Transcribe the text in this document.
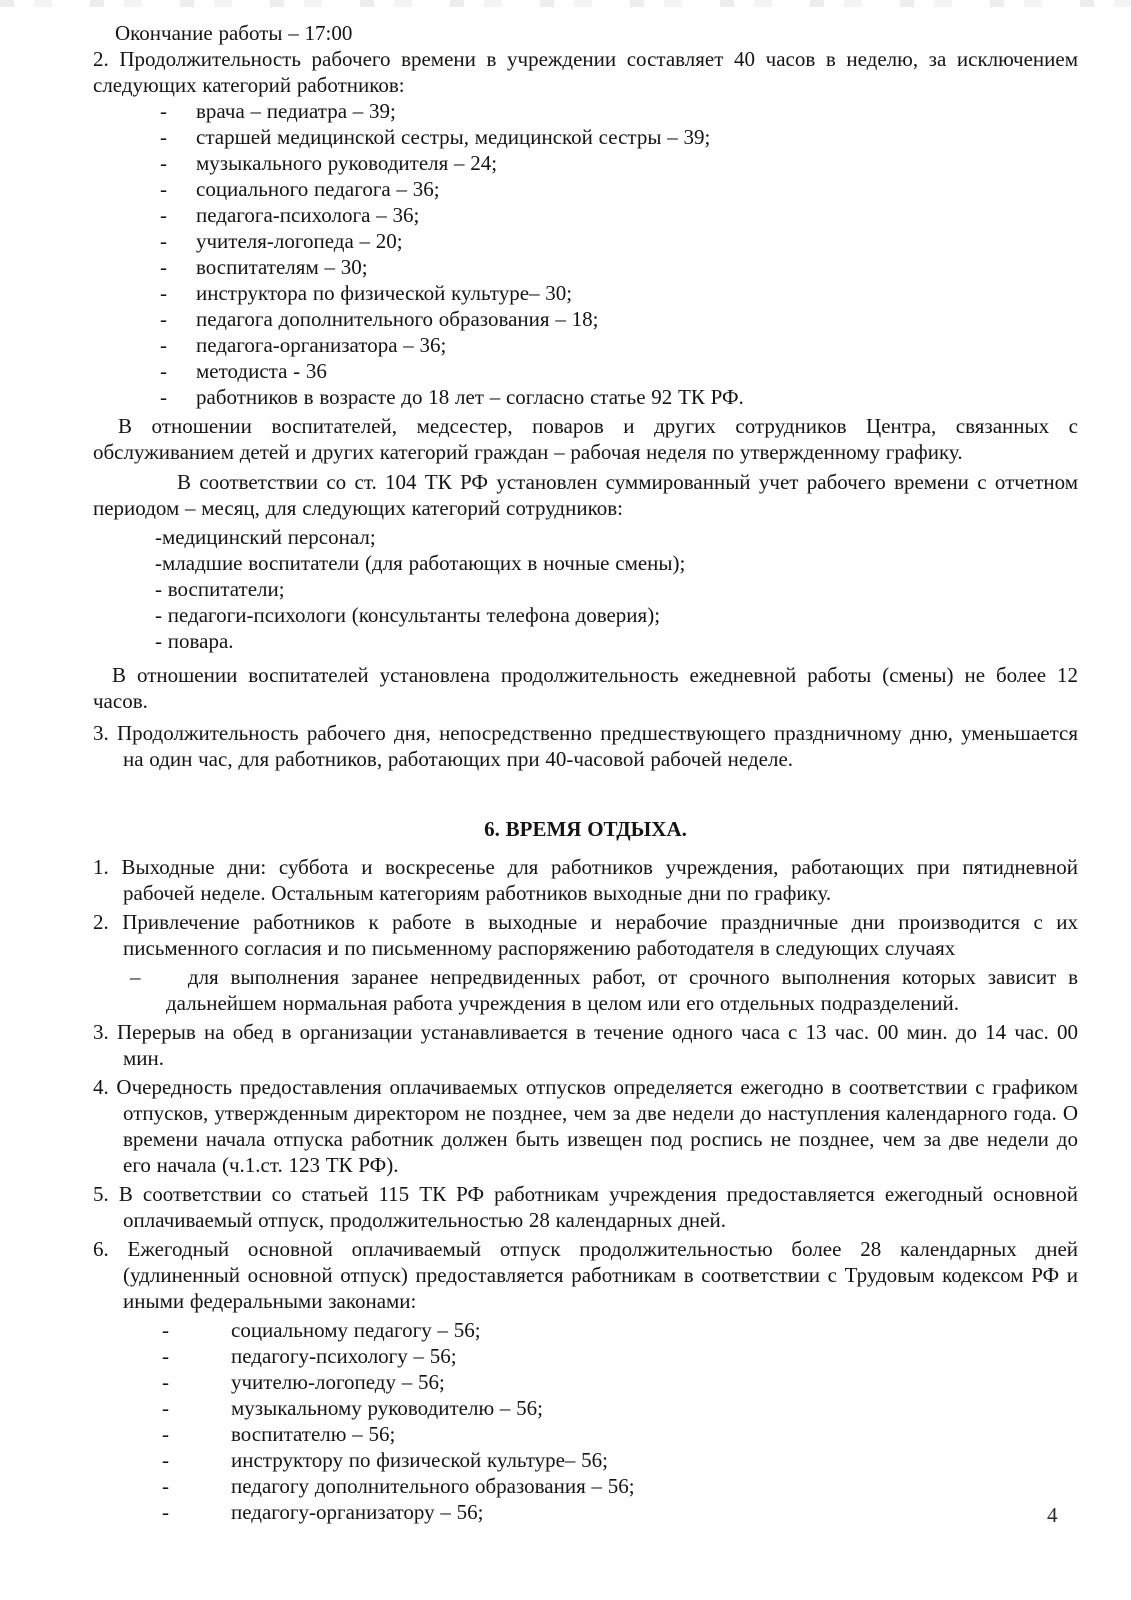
Окончание работы – 17:00

2. Продолжительность рабочего времени в учреждении составляет 40 часов в неделю, за исключением следующих категорий работников:

-	врача – педиатра – 39;
-	старшей медицинской сестры, медицинской сестры – 39;
-	музыкального руководителя – 24;
-	социального педагога – 36;
-	педагога-психолога – 36;
-	учителя-логопеда – 20;
-	воспитателям – 30;
-	инструктора по физической культуре– 30;
-	педагога дополнительного образования – 18;
-	педагога-организатора – 36;
-	методиста - 36
-	работников в возрасте до 18 лет – согласно статье 92 ТК РФ.

В отношении воспитателей, медсестер, поваров и других сотрудников Центра, связанных с обслуживанием детей и других категорий граждан – рабочая неделя по утвержденному графику.

В соответствии со ст. 104 ТК РФ установлен суммированный учет рабочего времени с отчетном периодом – месяц, для следующих категорий сотрудников:

-медицинский персонал;
-младшие воспитатели (для работающих в ночные смены);
- воспитатели;
- педагоги-психологи (консультанты телефона доверия);
- повара.

В отношении воспитателей установлена продолжительность ежедневной работы (смены) не более 12 часов.

3. Продолжительность рабочего дня, непосредственно предшествующего праздничному дню, уменьшается на один час, для работников, работающих при 40-часовой рабочей неделе.

6. ВРЕМЯ ОТДЫХА.

1. Выходные дни: суббота и воскресенье для работников учреждения, работающих при пятидневной рабочей неделе. Остальным категориям работников выходные дни по графику.

2. Привлечение работников к работе в выходные и нерабочие праздничные дни производится с их письменного согласия и по письменному распоряжению работодателя в следующих случаях

– для выполнения заранее непредвиденных работ, от срочного выполнения которых зависит в дальнейшем нормальная работа учреждения в целом или его отдельных подразделений.

3. Перерыв на обед в организации устанавливается в течение одного часа с 13 час. 00 мин. до 14 час. 00 мин.

4. Очередность предоставления оплачиваемых отпусков определяется ежегодно в соответствии с графиком отпусков, утвержденным директором не позднее, чем за две недели до наступления календарного года. О времени начала отпуска работник должен быть извещен под роспись не позднее, чем за две недели до его начала (ч.1.ст. 123 ТК РФ).

5. В соответствии со статьей 115 ТК РФ работникам учреждения предоставляется ежегодный основной оплачиваемый отпуск, продолжительностью 28 календарных дней.

6. Ежегодный основной оплачиваемый отпуск продолжительностью более 28 календарных дней (удлиненный основной отпуск) предоставляется работникам в соответствии с Трудовым кодексом РФ и иными федеральными законами:

-	социальному педагогу – 56;
-	педагогу-психологу – 56;
-	учителю-логопеду – 56;
-	музыкальному руководителю – 56;
-	воспитателю – 56;
-	инструктору по физической культуре– 56;
-	педагогу дополнительного образования – 56;
-	педагогу-организатору – 56;	4
